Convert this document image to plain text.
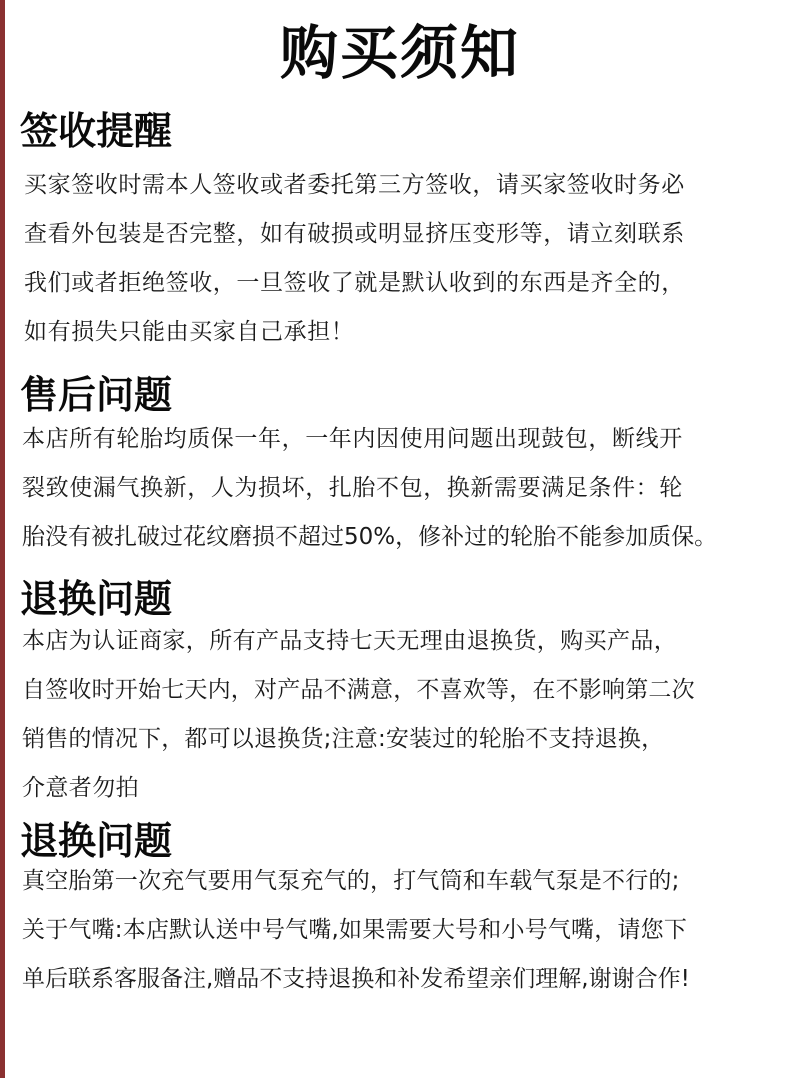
购买须知
签收提醒
买家签收时需本人签收或者委托第三方签收，请买家签收时务必
查看外包装是否完整，如有破损或明显挤压变形等，请立刻联系
我们或者拒绝签收，一旦签收了就是默认收到的东西是齐全的，
如有损失只能由买家自己承担！
售后问题
本店所有轮胎均质保一年，一年内因使用问题出现鼓包，断线开
裂致使漏气换新，人为损坏，扎胎不包，换新需要满足条件：轮
胎没有被扎破过花纹磨损不超过50%，修补过的轮胎不能参加质保。
退换问题
本店为认证商家，所有产品支持七天无理由退换货，购买产品，
自签收时开始七天内，对产品不满意，不喜欢等，在不影响第二次
销售的情况下，都可以退换货;注意:安装过的轮胎不支持退换，
介意者勿拍
退换问题
真空胎第一次充气要用气泵充气的，打气筒和车载气泵是不行的;
关于气嘴:本店默认送中号气嘴,如果需要大号和小号气嘴，请您下
单后联系客服备注,赠品不支持退换和补发希望亲们理解,谢谢合作!
